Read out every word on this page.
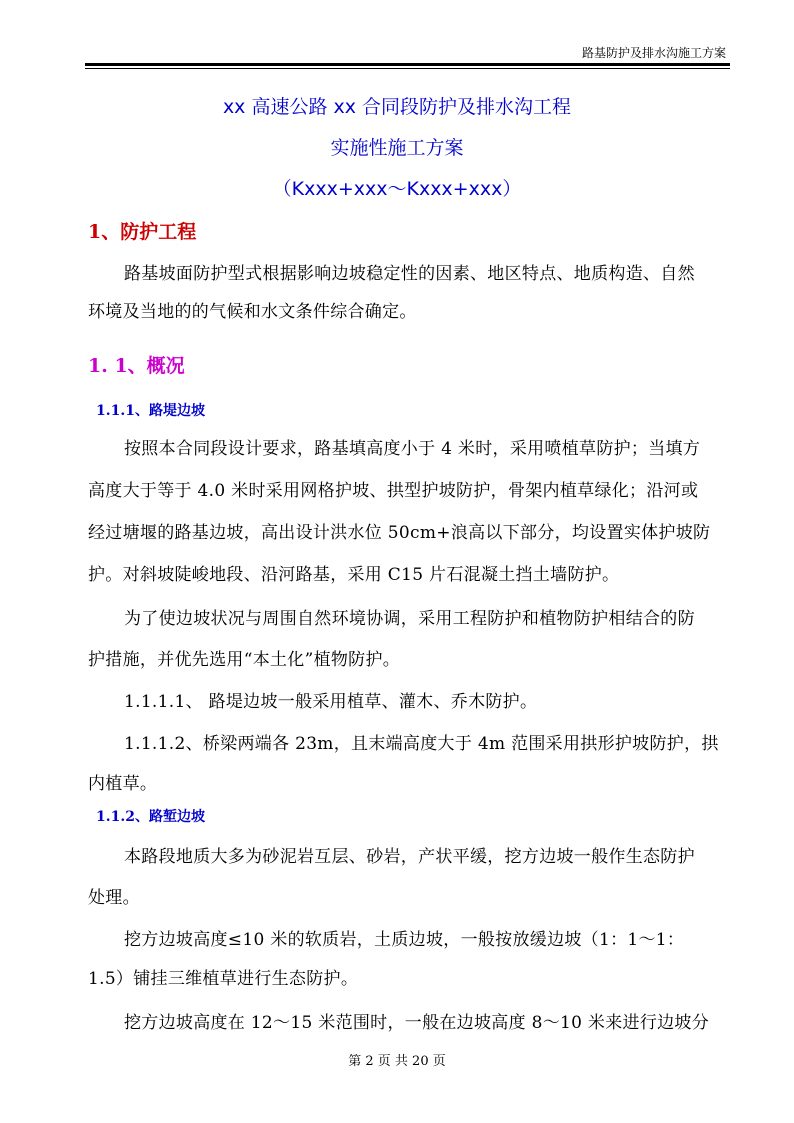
路基防护及排水沟施工方案
xx 高速公路 xx 合同段防护及排水沟工程
实施性施工方案
（Kxxx+xxx～Kxxx+xxx）
1、防护工程
路基坡面防护型式根据影响边坡稳定性的因素、地区特点、地质构造、自然
环境及当地的的气候和水文条件综合确定。
1. 1、概况
1.1.1、路堤边坡
按照本合同段设计要求，路基填高度小于 4 米时，采用喷植草防护；当填方
高度大于等于 4.0 米时采用网格护坡、拱型护坡防护，骨架内植草绿化；沿河或
经过塘堰的路基边坡，高出设计洪水位 50cm+浪高以下部分，均设置实体护坡防
护。对斜坡陡峻地段、沿河路基，采用 C15 片石混凝土挡土墙防护。
为了使边坡状况与周围自然环境协调，采用工程防护和植物防护相结合的防
护措施，并优先选用“本土化”植物防护。
1.1.1.1、 路堤边坡一般采用植草、灌木、乔木防护。
1.1.1.2、桥梁两端各 23m，且末端高度大于 4m 范围采用拱形护坡防护，拱
内植草。
1.1.2、路堑边坡
本路段地质大多为砂泥岩互层、砂岩，产状平缓，挖方边坡一般作生态防护
处理。
挖方边坡高度≤10 米的软质岩，土质边坡，一般按放缓边坡（1：1～1：
1.5）铺挂三维植草进行生态防护。
挖方边坡高度在 12～15 米范围时，一般在边坡高度 8～10 米来进行边坡分
第 2 页 共 20 页
